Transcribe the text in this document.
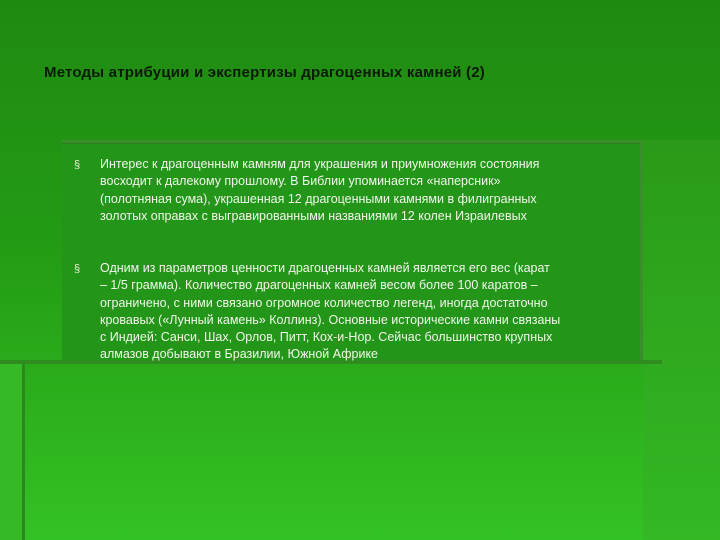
Методы атрибуции и экспертизы драгоценных камней (2)
§	Интерес к драгоценным камням для украшения и приумножения состояния
восходит к далекому прошлому. В Библии упоминается «наперсник»
(полотняная сума), украшенная 12 драгоценными камнями в филигранных
золотых оправах с выгравированными названиями 12 колен Израилевых
§	Одним из параметров ценности драгоценных камней является его вес (карат
– 1/5 грамма). Количество драгоценных камней весом более 100 каратов –
ограничено, с ними связано огромное количество легенд, иногда достаточно
кровавых («Лунный камень» Коллинз). Основные исторические камни связаны
с Индией: Санси, Шах, Орлов, Питт, Кох-и-Нор. Сейчас большинство крупных
алмазов добывают в Бразилии, Южной Африке
